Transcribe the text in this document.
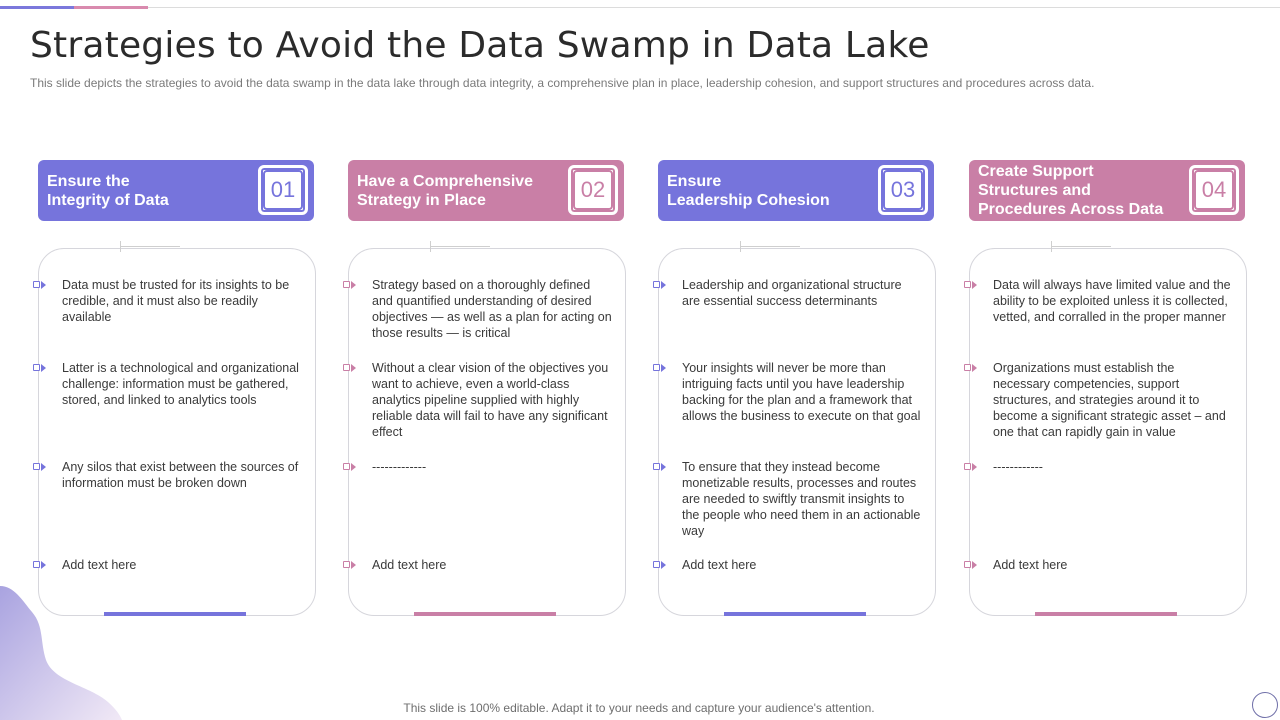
Strategies to Avoid the Data Swamp in Data Lake
This slide depicts the strategies to avoid the data swamp in the data lake through data integrity, a comprehensive plan in place, leadership cohesion, and support structures and procedures across data.
Ensure the
Integrity of Data	01
Data must be trusted for its insights to be credible, and it must also be readily available
Latter is a technological and organizational challenge: information must be gathered, stored, and linked to analytics tools
Any silos that exist between the sources of information must be broken down
Add text here
Have a Comprehensive
Strategy in Place	02
Strategy based on a thoroughly defined and quantified understanding of desired objectives — as well as a plan for acting on those results — is critical
Without a clear vision of the objectives you want to achieve, even a world-class analytics pipeline supplied with highly reliable data will fail to have any significant effect
-------------
Add text here
Ensure
Leadership Cohesion	03
Leadership and organizational structure are essential success determinants
Your insights will never be more than intriguing facts until you have leadership backing for the plan and a framework that allows the business to execute on that goal
To ensure that they instead become monetizable results, processes and routes are needed to swiftly transmit insights to the people who need them in an actionable way
Add text here
Create Support
Structures and
Procedures Across Data
04
Data will always have limited value and the ability to be exploited unless it is collected, vetted, and corralled in the proper manner
Organizations must establish the necessary competencies, support structures, and strategies around it to become a significant strategic asset – and one that can rapidly gain in value
------------
Add text here
This slide is 100% editable. Adapt it to your needs and capture your audience's attention.
